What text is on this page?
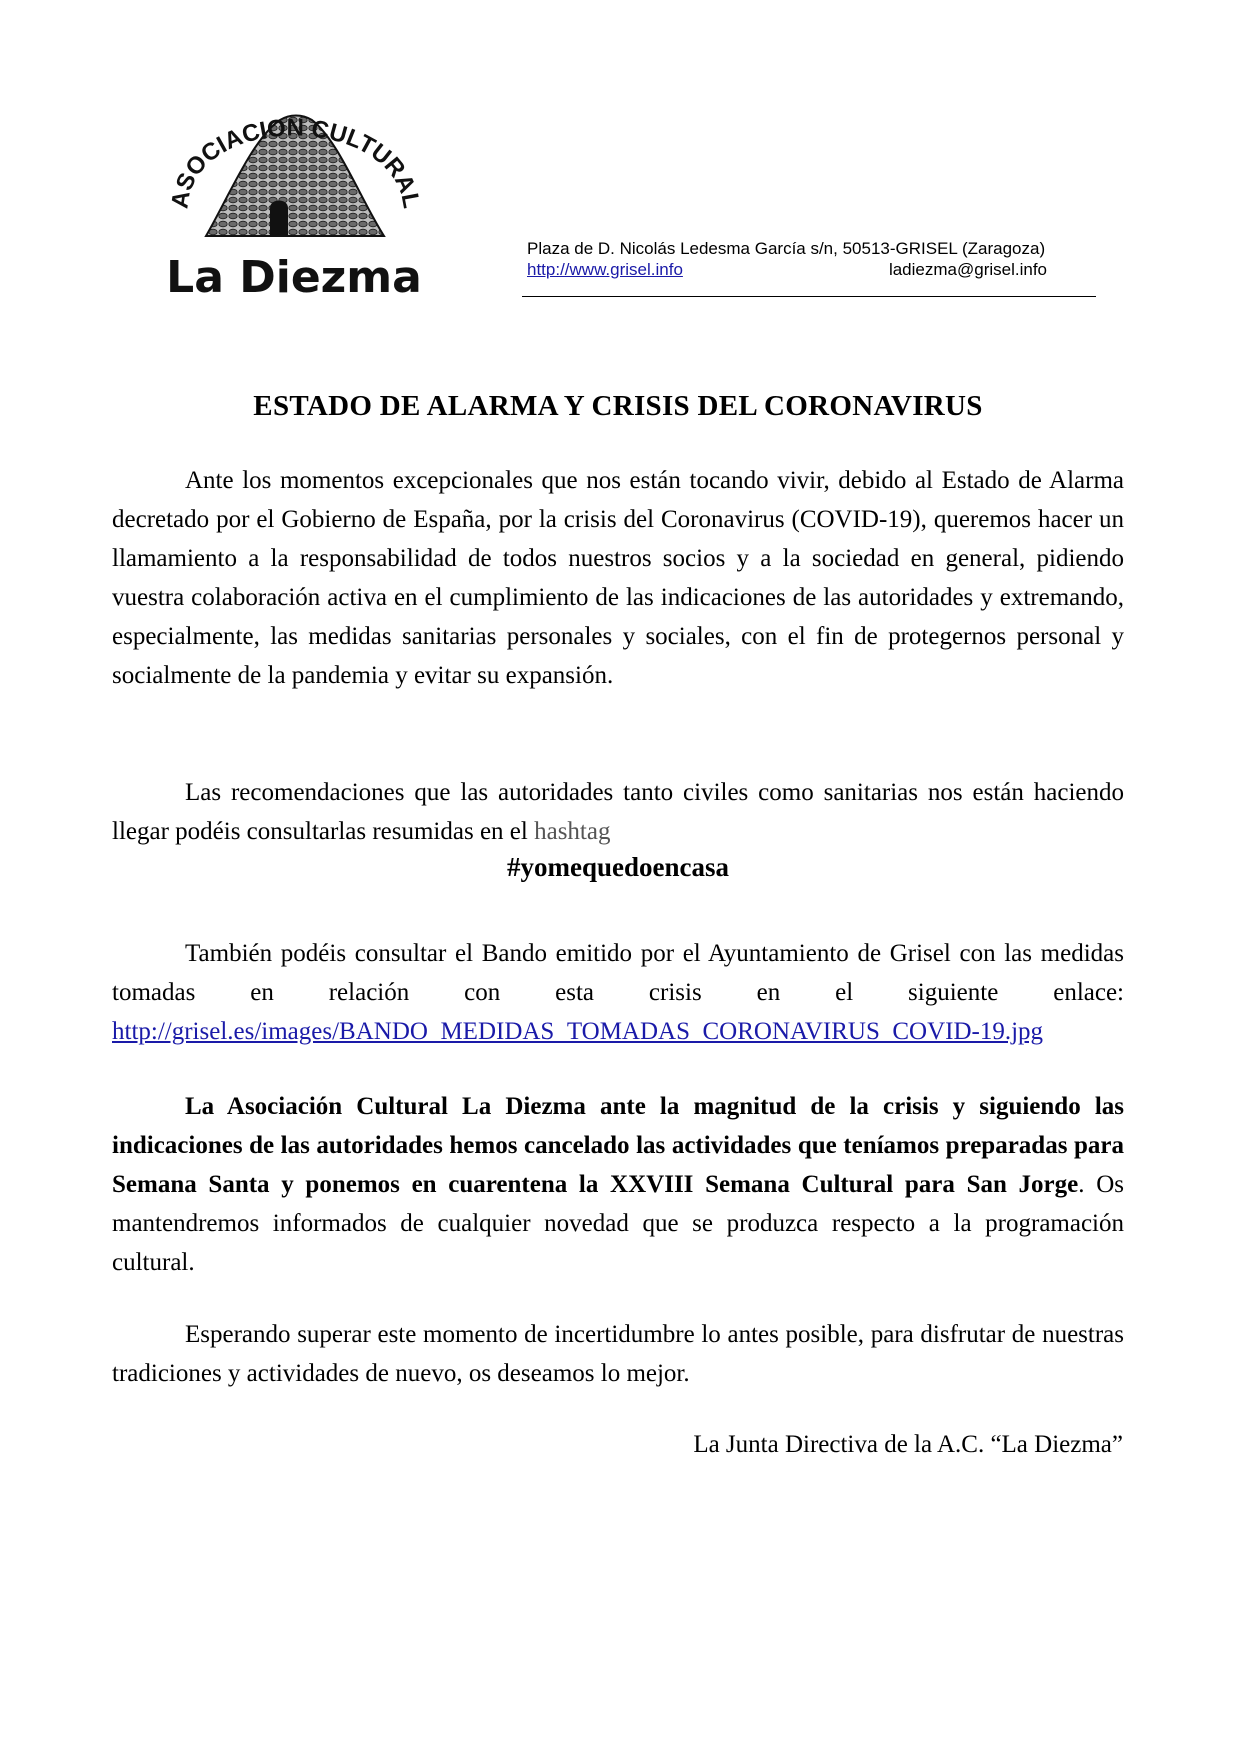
ASOCIACION CULTURAL
La Diezma
Plaza de D. Nicolás Ledesma García s/n, 50513-GRISEL (Zaragoza)
http://www.grisel.info	ladiezma@grisel.info
ESTADO DE ALARMA Y CRISIS DEL CORONAVIRUS

Ante los momentos excepcionales que nos están tocando vivir, debido al Estado de Alarma decretado por el Gobierno de España, por la crisis del Coronavirus (COVID-19), queremos hacer un llamamiento a la responsabilidad de todos nuestros socios y a la sociedad en general, pidiendo vuestra colaboración activa en el cumplimiento de las indicaciones de las autoridades y extremando, especialmente, las medidas sanitarias personales y sociales, con el fin de protegernos personal y socialmente de la pandemia y evitar su expansión.

Las recomendaciones que las autoridades tanto civiles como sanitarias nos están haciendo llegar podéis consultarlas resumidas en el hashtag

#yomequedoencasa

También podéis consultar el Bando emitido por el Ayuntamiento de Grisel con las medidas tomadas en relación con esta crisis en el siguiente enlace: http://grisel.es/images/BANDO_MEDIDAS_TOMADAS_CORONAVIRUS_COVID-19.jpg

La Asociación Cultural La Diezma ante la magnitud de la crisis y siguiendo las indicaciones de las autoridades hemos cancelado las actividades que teníamos preparadas para Semana Santa y ponemos en cuarentena la XXVIII Semana Cultural para San Jorge. Os mantendremos informados de cualquier novedad que se produzca respecto a la programación cultural.

Esperando superar este momento de incertidumbre lo antes posible, para disfrutar de nuestras tradiciones y actividades de nuevo, os deseamos lo mejor.

La Junta Directiva de la A.C. “La Diezma”
